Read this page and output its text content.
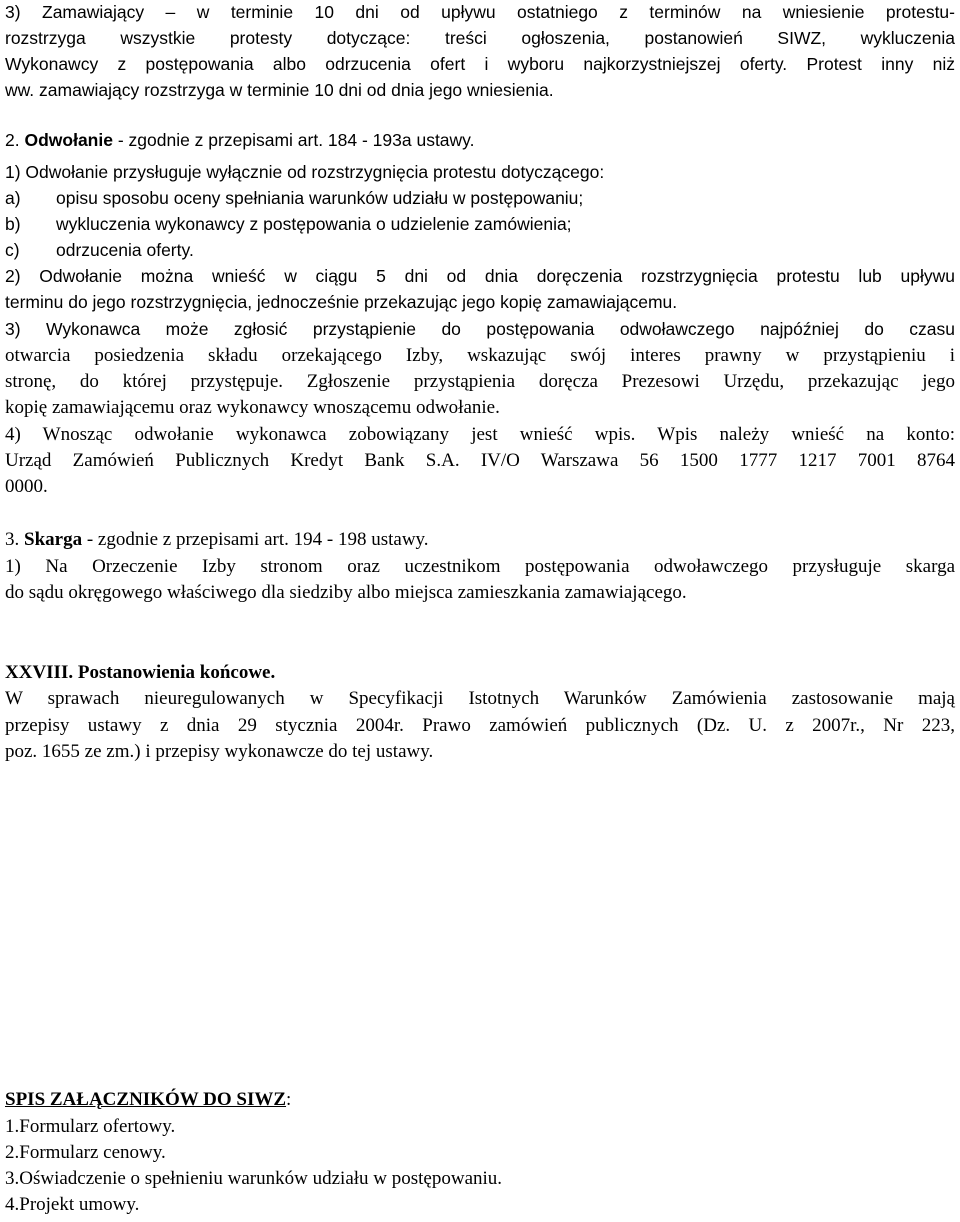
3) Zamawiający – w terminie 10 dni od upływu ostatniego z terminów na wniesienie protestu-
rozstrzyga wszystkie protesty dotyczące: treści ogłoszenia, postanowień SIWZ, wykluczenia
Wykonawcy z postępowania albo odrzucenia ofert i wyboru najkorzystniejszej oferty. Protest inny niż
ww. zamawiający rozstrzyga w terminie 10 dni od dnia jego wniesienia.
2. Odwołanie - zgodnie z przepisami art. 184 - 193a ustawy.
1) Odwołanie przysługuje wyłącznie od rozstrzygnięcia protestu dotyczącego:
a) opisu sposobu oceny spełniania warunków udziału w postępowaniu;
b) wykluczenia wykonawcy z postępowania o udzielenie zamówienia;
c) odrzucenia oferty.
2) Odwołanie można wnieść w ciągu 5 dni od dnia doręczenia rozstrzygnięcia protestu lub upływu
terminu do jego rozstrzygnięcia, jednocześnie przekazując jego kopię zamawiającemu.
3) Wykonawca może zgłosić przystąpienie do postępowania odwoławczego najpóźniej do czasu
otwarcia posiedzenia składu orzekającego Izby, wskazując swój interes prawny w przystąpieniu i
stronę, do której przystępuje. Zgłoszenie przystąpienia doręcza Prezesowi Urzędu, przekazując jego
kopię zamawiającemu oraz wykonawcy wnoszącemu odwołanie.
4) Wnosząc odwołanie wykonawca zobowiązany jest wnieść wpis. Wpis należy wnieść na konto:
Urząd Zamówień Publicznych Kredyt Bank S.A. IV/O Warszawa 56 1500 1777 1217 7001 8764
0000.
3. Skarga - zgodnie z przepisami art. 194 - 198 ustawy.
1) Na Orzeczenie Izby stronom oraz uczestnikom postępowania odwoławczego przysługuje skarga
do sądu okręgowego właściwego dla siedziby albo miejsca zamieszkania zamawiającego.
XXVIII. Postanowienia końcowe.
W sprawach nieuregulowanych w Specyfikacji Istotnych Warunków Zamówienia zastosowanie mają
przepisy ustawy z dnia 29 stycznia 2004r. Prawo zamówień publicznych (Dz. U. z 2007r., Nr 223,
poz. 1655 ze zm.) i przepisy wykonawcze do tej ustawy.
SPIS ZAŁĄCZNIKÓW DO SIWZ:
1.Formularz ofertowy.
2.Formularz cenowy.
3.Oświadczenie o spełnieniu warunków udziału w postępowaniu.
4.Projekt umowy.
